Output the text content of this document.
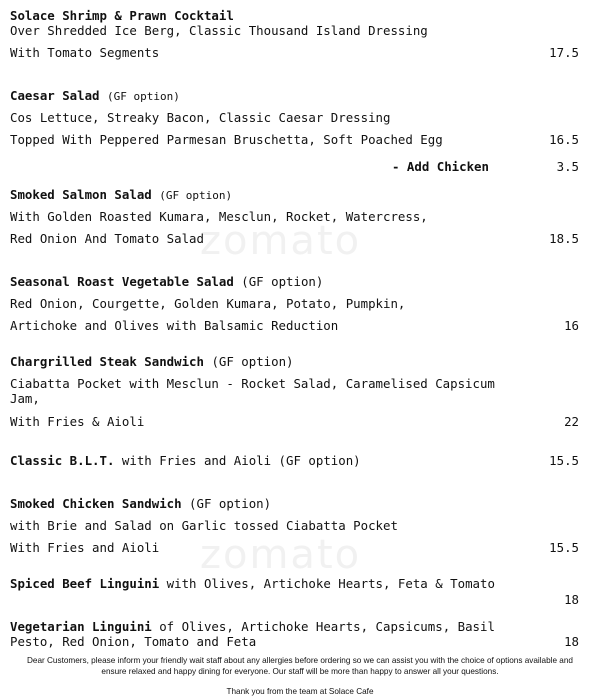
zomato
zomato
Solace Shrimp & Prawn Cocktail
Over Shredded Ice Berg, Classic Thousand Island Dressing
With Tomato Segments	17.5
Caesar Salad (GF option)
Cos Lettuce, Streaky Bacon, Classic Caesar Dressing
Topped With Peppered Parmesan Bruschetta, Soft Poached Egg	16.5
- Add Chicken	3.5
Smoked Salmon Salad (GF option)
With Golden Roasted Kumara, Mesclun, Rocket, Watercress,
Red Onion And Tomato Salad	18.5
Seasonal Roast Vegetable Salad (GF option)
Red Onion, Courgette, Golden Kumara, Potato, Pumpkin,
Artichoke and Olives with Balsamic Reduction	16
Chargrilled Steak Sandwich (GF option)
Ciabatta Pocket with Mesclun - Rocket Salad, Caramelised Capsicum
Jam,
With Fries & Aioli	22
Classic B.L.T. with Fries and Aioli (GF option)	15.5
Smoked Chicken Sandwich (GF option)
with Brie and Salad on Garlic tossed Ciabatta Pocket
With Fries and Aioli	15.5
Spiced Beef Linguini with Olives, Artichoke Hearts, Feta & Tomato
18
Vegetarian Linguini of Olives, Artichoke Hearts, Capsicums, Basil
Pesto, Red Onion, Tomato and Feta	18
Dear Customers, please inform your friendly wait staff about any allergies before ordering so we can assist you with the choice of options available and
ensure relaxed and happy dining for everyone. Our staff will be more than happy to answer all your questions.
Thank you from the team at Solace Cafe
